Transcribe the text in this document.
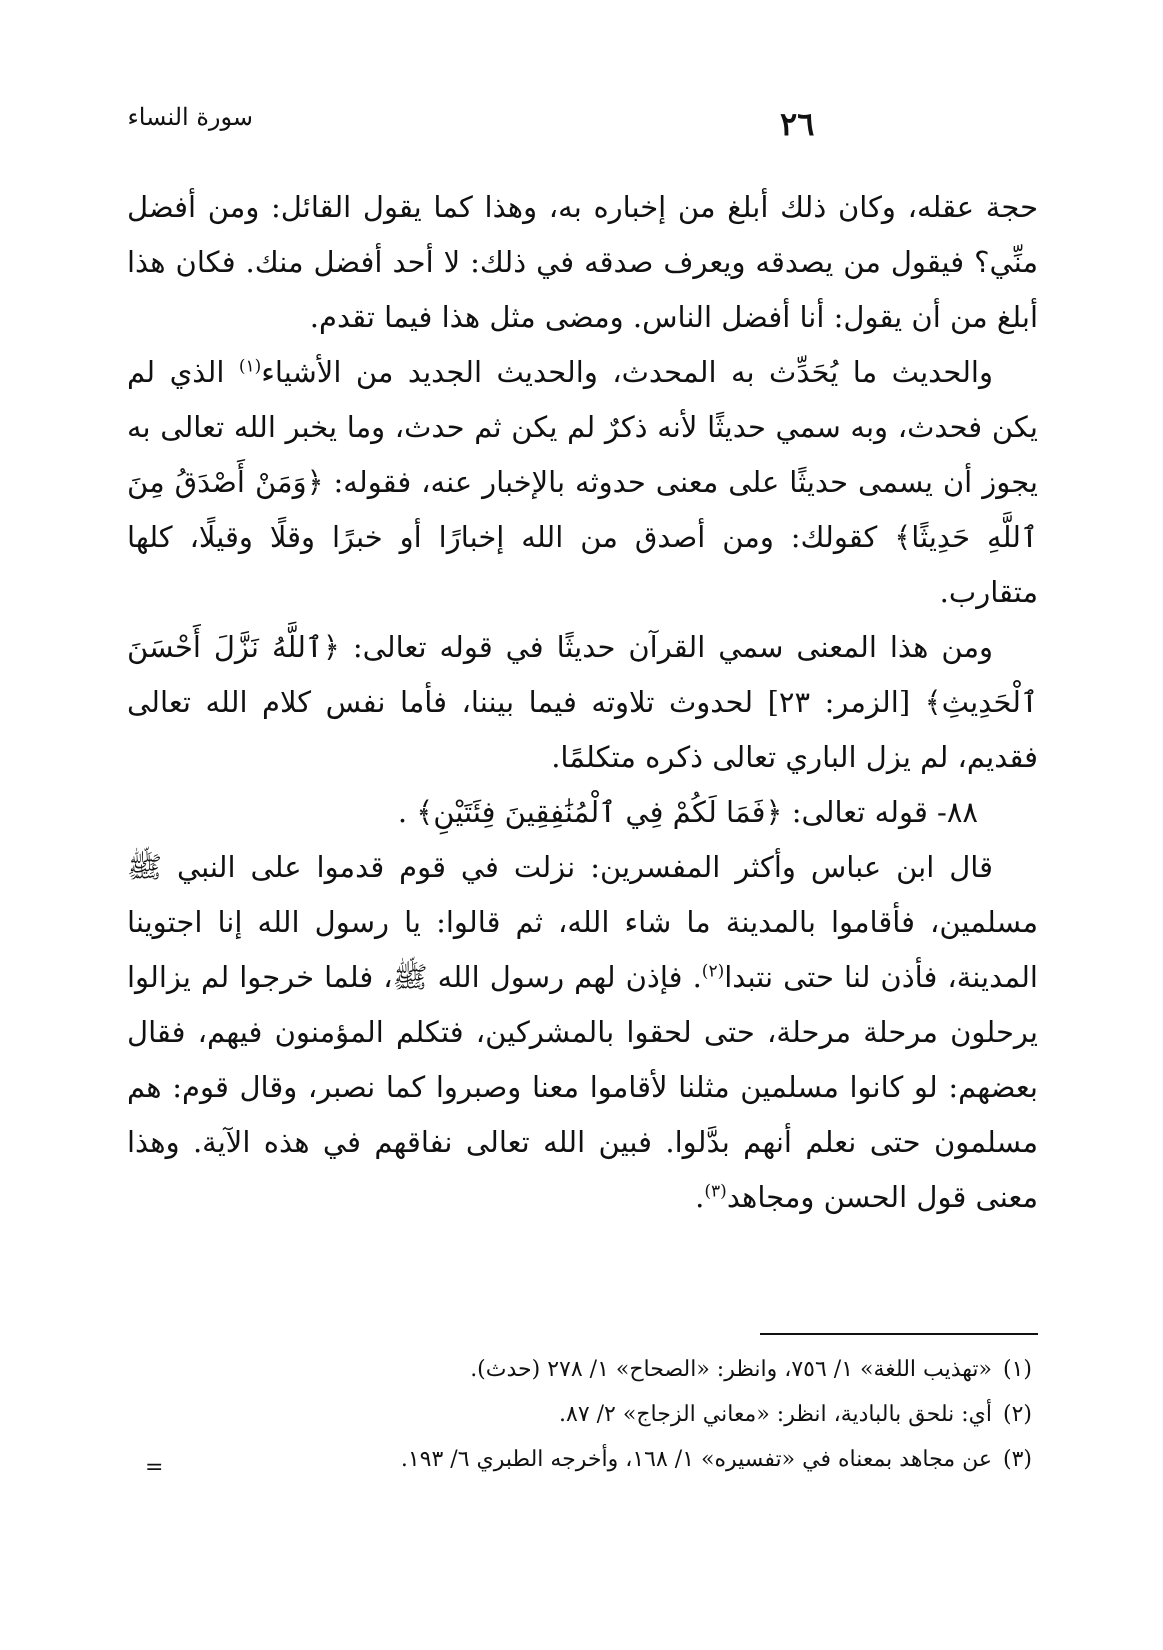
سورة النساء	٢٦

حجة عقله، وكان ذلك أبلغ من إخباره به، وهذا كما يقول القائل: ومن أفضل منِّي؟ فيقول من يصدقه ويعرف صدقه في ذلك: لا أحد أفضل منك. فكان هذا أبلغ من أن يقول: أنا أفضل الناس. ومضى مثل هذا فيما تقدم.

والحديث ما يُحَدِّث به المحدث، والحديث الجديد من الأشياء$^{(١)}$ الذي لم يكن فحدث، وبه سمي حديثًا لأنه ذكرٌ لم يكن ثم حدث، وما يخبر الله تعالى به يجوز أن يسمى حديثًا على معنى حدوثه بالإخبار عنه، فقوله: ﴿وَمَنْ أَصْدَقُ مِنَ ٱللَّهِ حَدِيثًا﴾ كقولك: ومن أصدق من الله إخبارًا أو خبرًا وقلًا وقيلًا، كلها متقارب.

ومن هذا المعنى سمي القرآن حديثًا في قوله تعالى: ﴿ٱللَّهُ نَزَّلَ أَحْسَنَ ٱلْحَدِيثِ﴾ [الزمر: ٢٣] لحدوث تلاوته فيما بيننا، فأما نفس كلام الله تعالى فقديم، لم يزل الباري تعالى ذكره متكلمًا.

٨٨- قوله تعالى: ﴿فَمَا لَكُمْ فِي ٱلْمُنَٰفِقِينَ فِئَتَيْنِ﴾ .

قال ابن عباس وأكثر المفسرين: نزلت في قوم قدموا على النبي ﷺ مسلمين، فأقاموا بالمدينة ما شاء الله، ثم قالوا: يا رسول الله إنا اجتوينا المدينة، فأذن لنا حتى نتبدا$^{(٢)}$. فإذن لهم رسول الله ﷺ، فلما خرجوا لم يزالوا يرحلون مرحلة مرحلة، حتى لحقوا بالمشركين، فتكلم المؤمنون فيهم، فقال بعضهم: لو كانوا مسلمين مثلنا لأقاموا معنا وصبروا كما نصبر، وقال قوم: هم مسلمون حتى نعلم أنهم بدَّلوا. فبين الله تعالى نفاقهم في هذه الآية. وهذا معنى قول الحسن ومجاهد$^{(٣)}$.

(١)«تهذيب اللغة» ١/ ٧٥٦، وانظر: «الصحاح» ١/ ٢٧٨ (حدث).

(٢)أي: نلحق بالبادية، انظر: «معاني الزجاج» ٢/ ٨٧.

(٣)عن مجاهد بمعناه في «تفسيره» ١/ ١٦٨، وأخرجه الطبري ٦/ ١٩٣.

=
